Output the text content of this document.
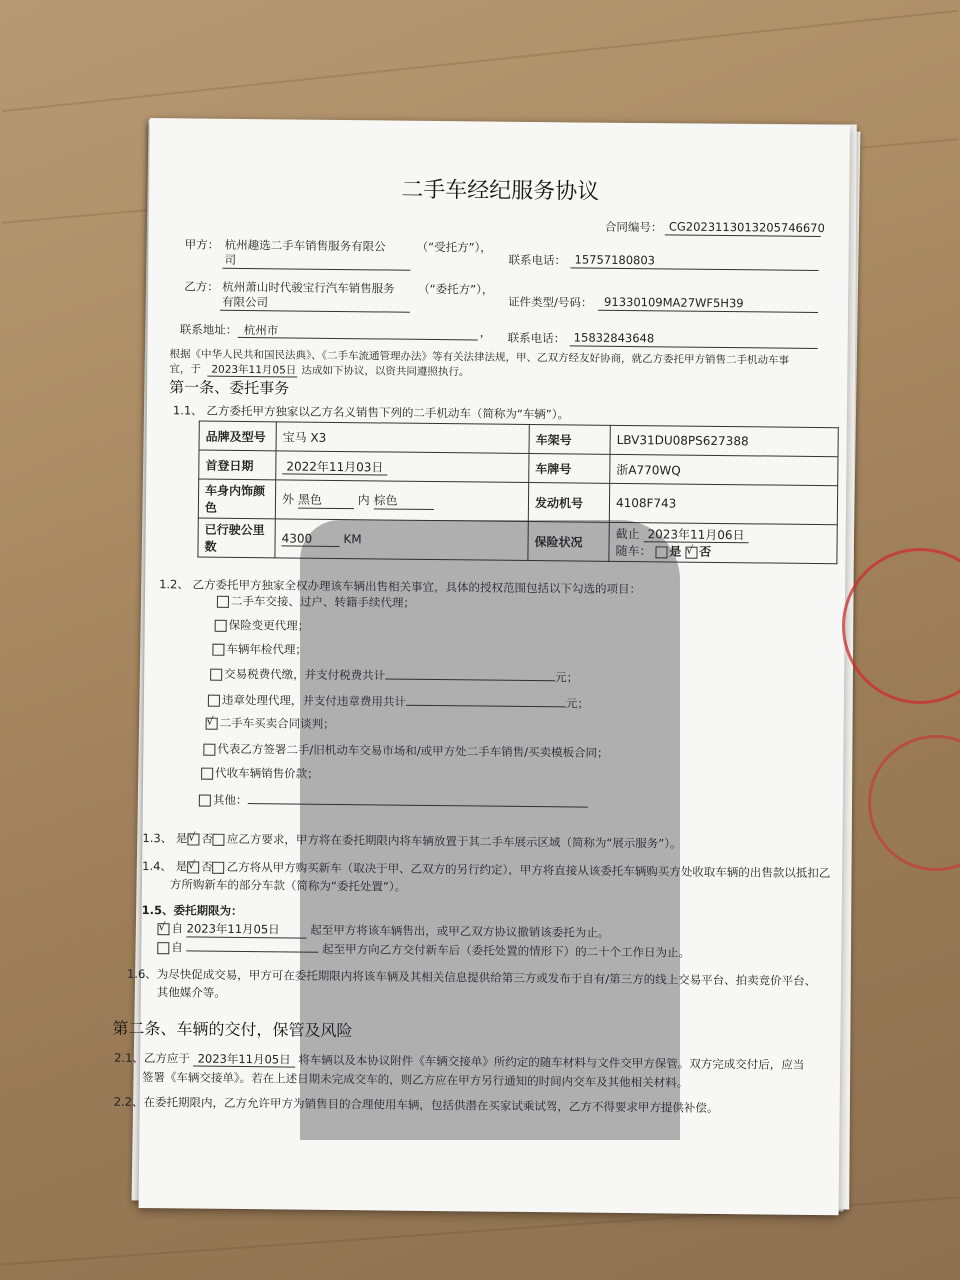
二手车经纪服务协议
合同编号： CG2023113013205746670
甲方： 杭州趣选二手车销售服务有限公
司
（“受托方”），
联系电话： 15757180803
乙方： 杭州萧山时代骏宝行汽车销售服务
有限公司
（“委托方”），
证件类型/号码： 91330109MA27WF5H39
联系地址： 杭州市	， 联系电话： 15832843648
根据《中华人民共和国民法典》、《二手车流通管理办法》等有关法律法规，甲、乙双方经友好协商，就乙方委托甲方销售二手机动车事
宜，于 2023年11月05日 达成如下协议，以资共同遵照执行。
第一条、委托事务
1.1、 乙方委托甲方独家以乙方名义销售下列的二手机动车（简称为“车辆”）。
品牌及型号	宝马 X3	车架号	LBV31DU08PS627388
首登日期	2022年11月03日	车牌号	浙A770WQ
车身内饰颜色	外 黑色 内 棕色	发动机号	4108F743
已行驶公里数	4300 KM	保险状况	截止 2023年11月06日
随车： 是 √ 否
1.2、 乙方委托甲方独家全权办理该车辆出售相关事宜，具体的授权范围包括以下勾选的项目：
二手车交接、过户、转籍手续代理；
保险变更代理；
车辆年检代理；
交易税费代缴，并支付税费共计	元；
违章处理代理，并支付违章费用共计	元；
√二手车买卖合同谈判；
代表乙方签署二手/旧机动车交易市场和/或甲方处二手车销售/买卖模板合同；
代收车辆销售价款；
其他：
1.3、 是 √ 否 应乙方要求，甲方将在委托期限内将车辆放置于其二手车展示区域（简称为“展示服务”）。
1.4、 是 √ 否 乙方将从甲方购买新车（取决于甲、乙双方的另行约定），甲方将直接从该委托车辆购买方处收取车辆的出售款以抵扣乙
方所购新车的部分车款（简称为“委托处置”）。
1.5、委托期限为：
√自 2023年11月05日	起至甲方将该车辆售出，或甲乙双方协议撤销该委托为止。
自	起至甲方向乙方交付新车后（委托处置的情形下）的二十个工作日为止。
1.6、为尽快促成交易，甲方可在委托期限内将该车辆及其相关信息提供给第三方或发布于自有/第三方的线上交易平台、拍卖竞价平台、
其他媒介等。
第二条、车辆的交付，保管及风险
2.1、乙方应于 2023年11月05日 将车辆以及本协议附件《车辆交接单》所约定的随车材料与文件交甲方保管。双方完成交付后，应当
签署《车辆交接单》。若在上述日期未完成交车的，则乙方应在甲方另行通知的时间内交车及其他相关材料。
2.2、在委托期限内，乙方允许甲方为销售目的合理使用车辆，包括供潜在买家试乘试驾，乙方不得要求甲方提供补偿。
